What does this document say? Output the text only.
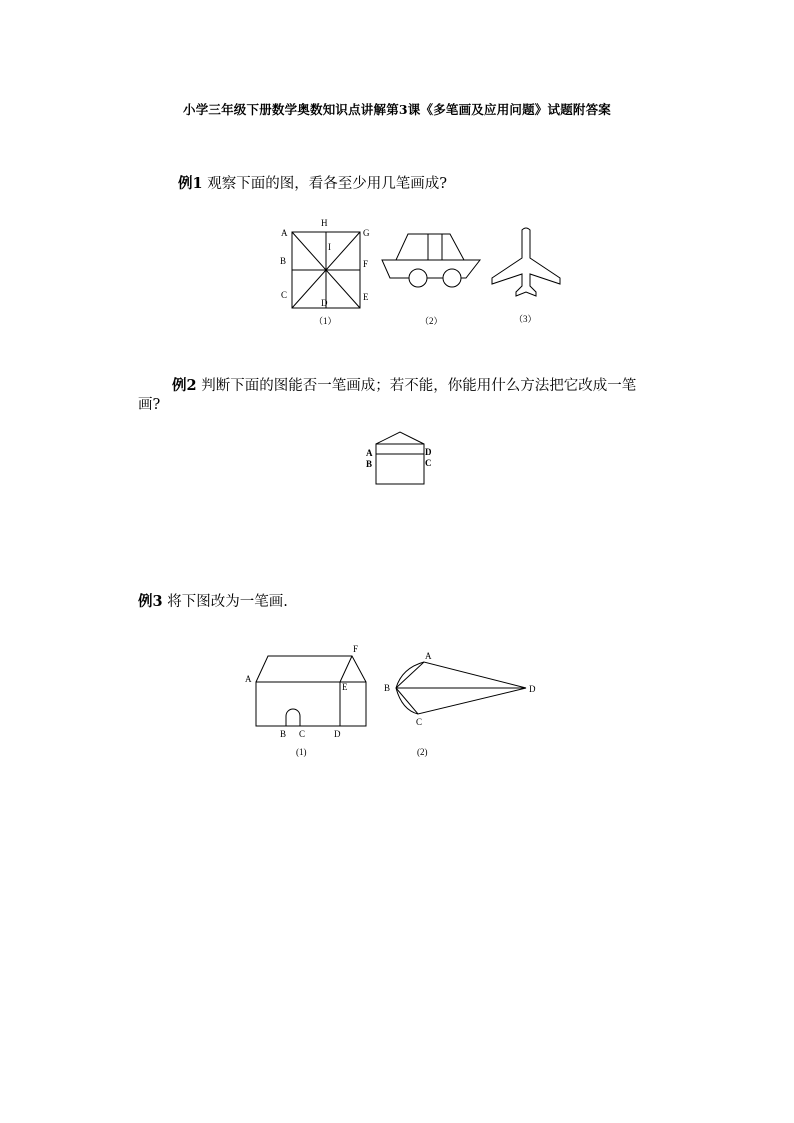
小学三年级下册数学奥数知识点讲解第3课《多笔画及应用问题》试题附答案
例1 观察下面的图，看各至少用几笔画成?
A
H
G
I
B	F
C	E
D
（1）	（2）	（3）
例2 判断下面的图能否一笔画成；若不能，你能用什么方法把它改成一笔
画?
A
B
D
C
例3 将下图改为一笔画.
A
F
E
B C	D
(1)
A
B	D
C
(2)
